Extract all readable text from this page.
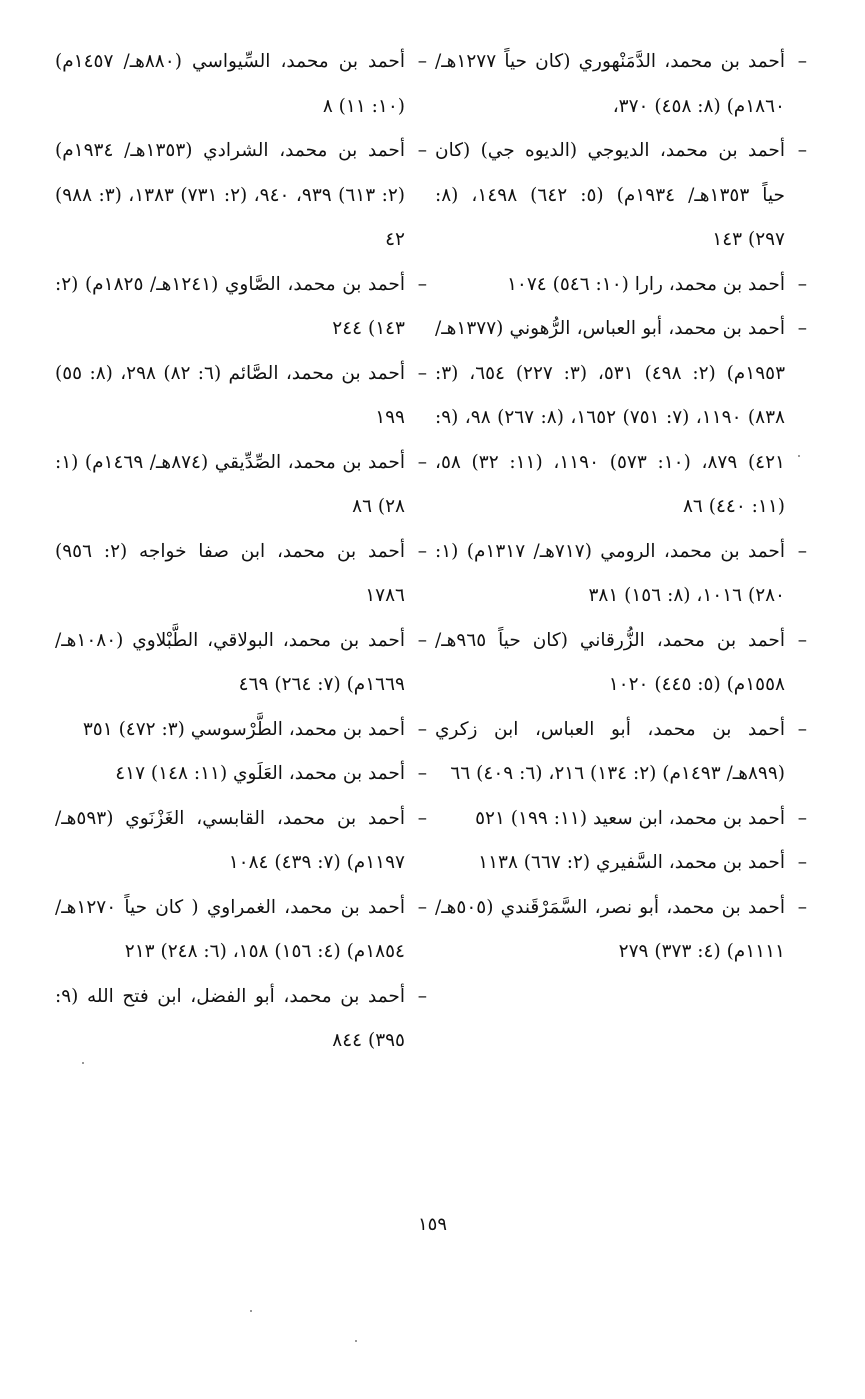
–
أحمد بن محمد، الدَّمَنْهوري (كان حياً ١٢٧٧هـ/ ١٨٦٠م) (٨: ٤٥٨) ٣٧٠،
–
أحمد بن محمد، الديوجي (الديوه جي) (كان حياً ١٣٥٣هـ/ ١٩٣٤م) (٥: ٦٤٢) ١٤٩٨، (٨: ٢٩٧) ١٤٣
–
أحمد بن محمد، رارا (١٠: ٥٤٦) ١٠٧٤
–
أحمد بن محمد، أبو العباس، الرُّهوني (١٣٧٧هـ/ ١٩٥٣م) (٢: ٤٩٨) ٥٣١، (٣: ٢٢٧) ٦٥٤، (٣: ٨٣٨) ١١٩٠، (٧: ٧٥١) ١٦٥٢، (٨: ٢٦٧) ٩٨، (٩: ٤٢١) ٨٧٩، (١٠: ٥٧٣) ١١٩٠، (١١: ٣٢) ٥٨، (١١: ٤٤٠) ٨٦
–
أحمد بن محمد، الرومي (٧١٧هـ/ ١٣١٧م) (١: ٢٨٠) ١٠١٦، (٨: ١٥٦) ٣٨١
–
أحمد بن محمد، الزُّرقاني (كان حياً ٩٦٥هـ/ ١٥٥٨م) (٥: ٤٤٥) ١٠٢٠
–
أحمد بن محمد، أبو العباس، ابن زكري (٨٩٩هـ/ ١٤٩٣م) (٢: ١٣٤) ٢١٦، (٦: ٤٠٩) ٦٦
–
أحمد بن محمد، ابن سعيد (١١: ١٩٩) ٥٢١
–
أحمد بن محمد، السَّفيري (٢: ٦٦٧) ١١٣٨
–
أحمد بن محمد، أبو نصر، السَّمَرْقَندي (٥٠٥هـ/ ١١١١م) (٤: ٣٧٣) ٢٧٩
–
أحمد بن محمد، السِّيواسي (٨٨٠هـ/ ١٤٥٧م) (١٠: ١١) ٨
–
أحمد بن محمد، الشرادي (١٣٥٣هـ/ ١٩٣٤م) (٢: ٦١٣) ٩٣٩، ٩٤٠، (٢: ٧٣١) ١٣٨٣، (٣: ٩٨٨) ٤٢
–
أحمد بن محمد، الصَّاوي (١٢٤١هـ/ ١٨٢٥م) (٢: ١٤٣) ٢٤٤
–
أحمد بن محمد، الصَّائم (٦: ٨٢) ٢٩٨، (٨: ٥٥) ١٩٩
–
أحمد بن محمد، الصِّدِّيقي (٨٧٤هـ/ ١٤٦٩م) (١: ٢٨) ٨٦
–
أحمد بن محمد، ابن صفا خواجه (٢: ٩٥٦) ١٧٨٦
–
أحمد بن محمد، البولاقي، الطَّبْلاوي (١٠٨٠هـ/ ١٦٦٩م) (٧: ٢٦٤) ٤٦٩
–
أحمد بن محمد، الطَّرْسوسي (٣: ٤٧٢) ٣٥١
–
أحمد بن محمد، العَلَوي (١١: ١٤٨) ٤١٧
–
أحمد بن محمد، القابسي، الغَزْنَوي (٥٩٣هـ/ ١١٩٧م) (٧: ٤٣٩) ١٠٨٤
–
أحمد بن محمد، الغمراوي ( كان حياً ١٢٧٠هـ/ ١٨٥٤م) (٤: ١٥٦) ١٥٨، (٦: ٢٤٨) ٢١٣
–
أحمد بن محمد، أبو الفضل، ابن فتح الله (٩: ٣٩٥) ٨٤٤
١٥٩
